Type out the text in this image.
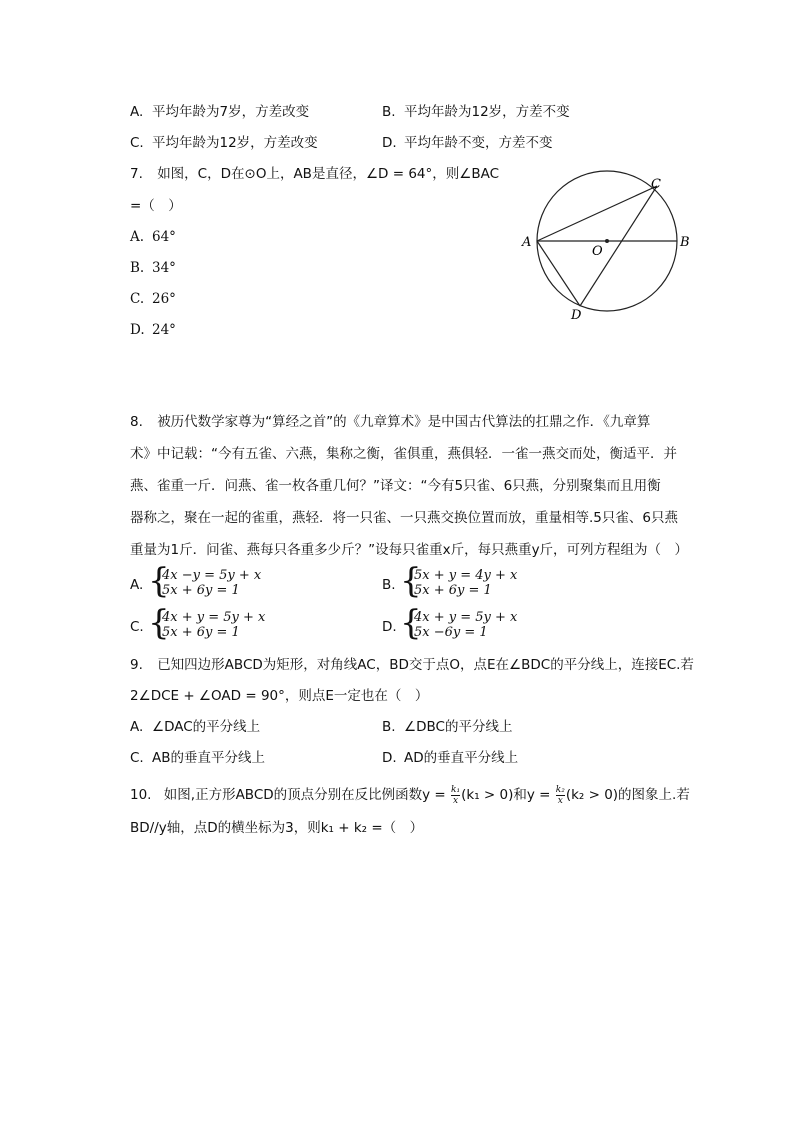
A. 平均年龄为7岁，方差改变	B. 平均年龄为12岁，方差不变
C. 平均年龄为12岁，方差改变	D. 平均年龄不变，方差不变
7. 如图，C，D在⊙O上，AB是直径，∠D = 64°，则∠BAC
=（　）
A. 64°
B. 34°
C. 26°
D. 24°
A	B
C
D
O
8. 被历代数学家尊为“算经之首”的《九章算术》是中国古代算法的扛鼎之作．《九章算
术》中记载：“今有五雀、六燕，集称之衡，雀俱重，燕俱轻．一雀一燕交而处，衡适平．并
燕、雀重一斤．问燕、雀一枚各重几何？”译文：“今有5只雀、6只燕，分别聚集而且用衡
器称之，聚在一起的雀重，燕轻．将一只雀、一只燕交换位置而放，重量相等.5只雀、6只燕
重量为1斤．问雀、燕每只各重多少斤？”设每只雀重x斤，每只燕重y斤，可列方程组为（　）
A. {
4x −y = 5y + x
5x + 6y = 1	B. {
5x + y = 4y + x
5x + 6y = 1
C. {
4x + y = 5y + x
5x + 6y = 1	D. {
4x + y = 5y + x
5x −6y = 1
9. 已知四边形ABCD为矩形，对角线AC，BD交于点O，点E在∠BDC的平分线上，连接EC.若
2∠DCE + ∠OAD = 90°，则点E一定也在（　）
A. ∠DAC的平分线上	B. ∠DBC的平分线上
C. AB的垂直平分线上	D. AD的垂直平分线上
10. 如图,正方形ABCD的顶点分别在反比例函数$y = \frac{\text{k₁}}{x} (k_1 > 0)$和$y = \frac{\text{k₂}}{x} (k_2 > 0)$的图象上.若
BD//y轴，点D的横坐标为3，则k₁ + k₂ =（　）
